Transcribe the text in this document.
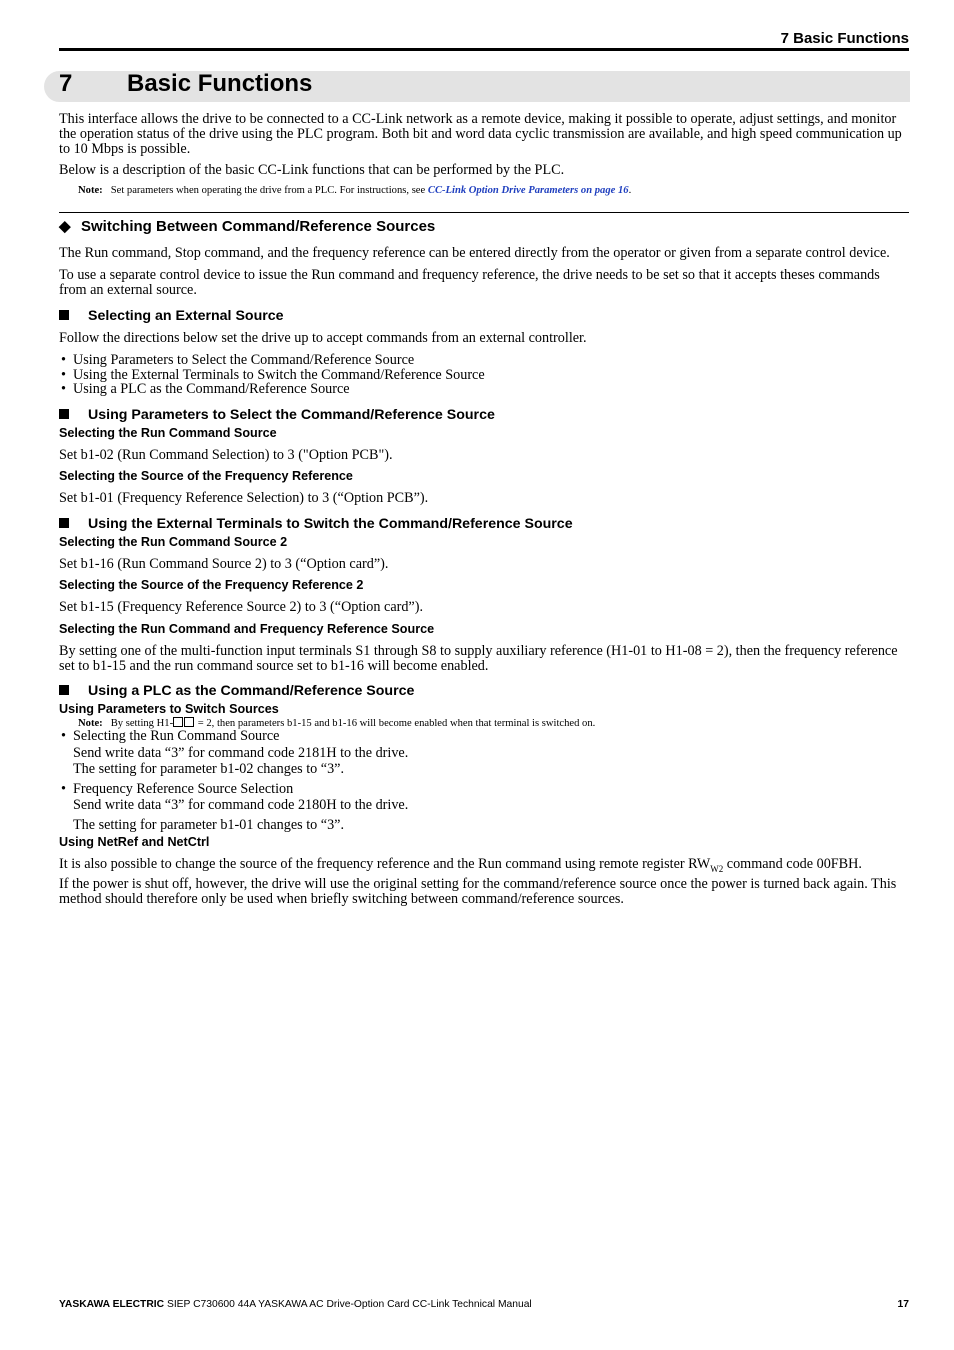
7 Basic Functions
7 Basic Functions
This interface allows the drive to be connected to a CC-Link network as a remote device, making it possible to operate, adjust settings, and monitor the operation status of the drive using the PLC program. Both bit and word data cyclic transmission are available, and high speed communication up to 10 Mbps is possible.
Below is a description of the basic CC-Link functions that can be performed by the PLC.
Note: Set parameters when operating the drive from a PLC. For instructions, see CC-Link Option Drive Parameters on page 16.
◆ Switching Between Command/Reference Sources
The Run command, Stop command, and the frequency reference can be entered directly from the operator or given from a separate control device.
To use a separate control device to issue the Run command and frequency reference, the drive needs to be set so that it accepts theses commands from an external source.
Selecting an External Source
Follow the directions below set the drive up to accept commands from an external controller.
• Using Parameters to Select the Command/Reference Source
• Using the External Terminals to Switch the Command/Reference Source
• Using a PLC as the Command/Reference Source
Using Parameters to Select the Command/Reference Source
Selecting the Run Command Source
Set b1-02 (Run Command Selection) to 3 ("Option PCB").
Selecting the Source of the Frequency Reference
Set b1-01 (Frequency Reference Selection) to 3 (“Option PCB”).
Using the External Terminals to Switch the Command/Reference Source
Selecting the Run Command Source 2
Set b1-16 (Run Command Source 2) to 3 (“Option card”).
Selecting the Source of the Frequency Reference 2
Set b1-15 (Frequency Reference Source 2) to 3 (“Option card”).
Selecting the Run Command and Frequency Reference Source
By setting one of the multi-function input terminals S1 through S8 to supply auxiliary reference (H1-01 to H1-08 = 2), then the frequency reference set to b1-15 and the run command source set to b1-16 will become enabled.
Using a PLC as the Command/Reference Source
Using Parameters to Switch Sources
Note: By setting H1- = 2, then parameters b1-15 and b1-16 will become enabled when that terminal is switched on.
• Selecting the Run Command Source
Send write data “3” for command code 2181H to the drive.
The setting for parameter b1-02 changes to “3”.
• Frequency Reference Source Selection
Send write data “3” for command code 2180H to the drive.
The setting for parameter b1-01 changes to “3”.
Using NetRef and NetCtrl
It is also possible to change the source of the frequency reference and the Run command using remote register $RW_{W2}$ command code 00FBH.
If the power is shut off, however, the drive will use the original setting for the command/reference source once the power is turned back again. This method should therefore only be used when briefly switching between command/reference sources.
YASKAWA ELECTRIC SIEP C730600 44A YASKAWA AC Drive-Option Card CC-Link Technical Manual	17
